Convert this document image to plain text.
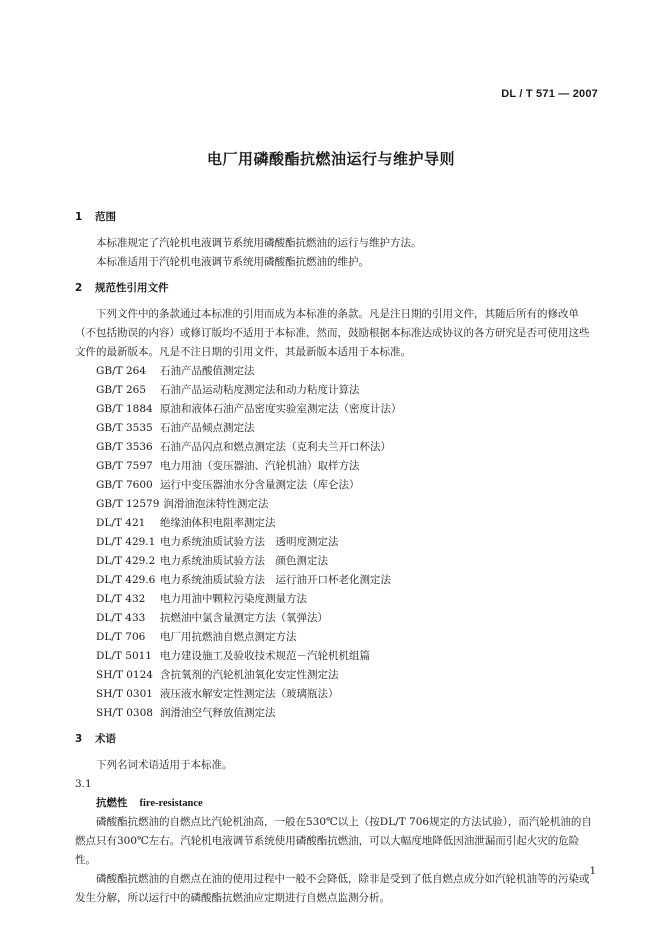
DL / T 571 — 2007
电厂用磷酸酯抗燃油运行与维护导则

1 范围

本标准规定了汽轮机电液调节系统用磷酸酯抗燃油的运行与维护方法。

本标准适用于汽轮机电液调节系统用磷酸酯抗燃油的维护。

2 规范性引用文件

下列文件中的条款通过本标准的引用而成为本标准的条款。凡是注日期的引用文件，其随后所有的修改单（不包括勘误的内容）或修订版均不适用于本标准，然而，鼓励根据本标准达成协议的各方研究是否可使用这些文件的最新版本。凡是不注日期的引用文件，其最新版本适用于本标准。

GB/T 264 石油产品酸值测定法
GB/T 265 石油产品运动粘度测定法和动力粘度计算法
GB/T 1884 原油和液体石油产品密度实验室测定法（密度计法）
GB/T 3535 石油产品倾点测定法
GB/T 3536 石油产品闪点和燃点测定法（克利夫兰开口杯法）
GB/T 7597 电力用油（变压器油、汽轮机油）取样方法
GB/T 7600 运行中变压器油水分含量测定法（库仑法）
GB/T 12579 润滑油泡沫特性测定法
DL/T 421 绝缘油体积电阻率测定法
DL/T 429.1 电力系统油质试验方法　透明度测定法
DL/T 429.2 电力系统油质试验方法　颜色测定法
DL/T 429.6 电力系统油质试验方法　运行油开口杯老化测定法
DL/T 432 电力用油中颗粒污染度测量方法
DL/T 433 抗燃油中氯含量测定方法（氧弹法）
DL/T 706 电厂用抗燃油自燃点测定方法
DL/T 5011 电力建设施工及验收技术规范－汽轮机机组篇
SH/T 0124 含抗氧剂的汽轮机油氧化安定性测定法
SH/T 0301 液压液水解安定性测定法（玻璃瓶法）
SH/T 0308 润滑油空气释放值测定法

3 术语

下列名词术语适用于本标准。

3.1

抗燃性 fire-resistance

磷酸酯抗燃油的自燃点比汽轮机油高，一般在530℃以上（按DL/T 706规定的方法试验），而汽轮机油的自燃点只有300℃左右。汽轮机电液调节系统使用磷酸酯抗燃油，可以大幅度地降低因油泄漏而引起火灾的危险性。

磷酸酯抗燃油的自燃点在油的使用过程中一般不会降低，除非是受到了低自燃点成分如汽轮机油等的污染或发生分解，所以运行中的磷酸酯抗燃油应定期进行自燃点监测分析。

1
